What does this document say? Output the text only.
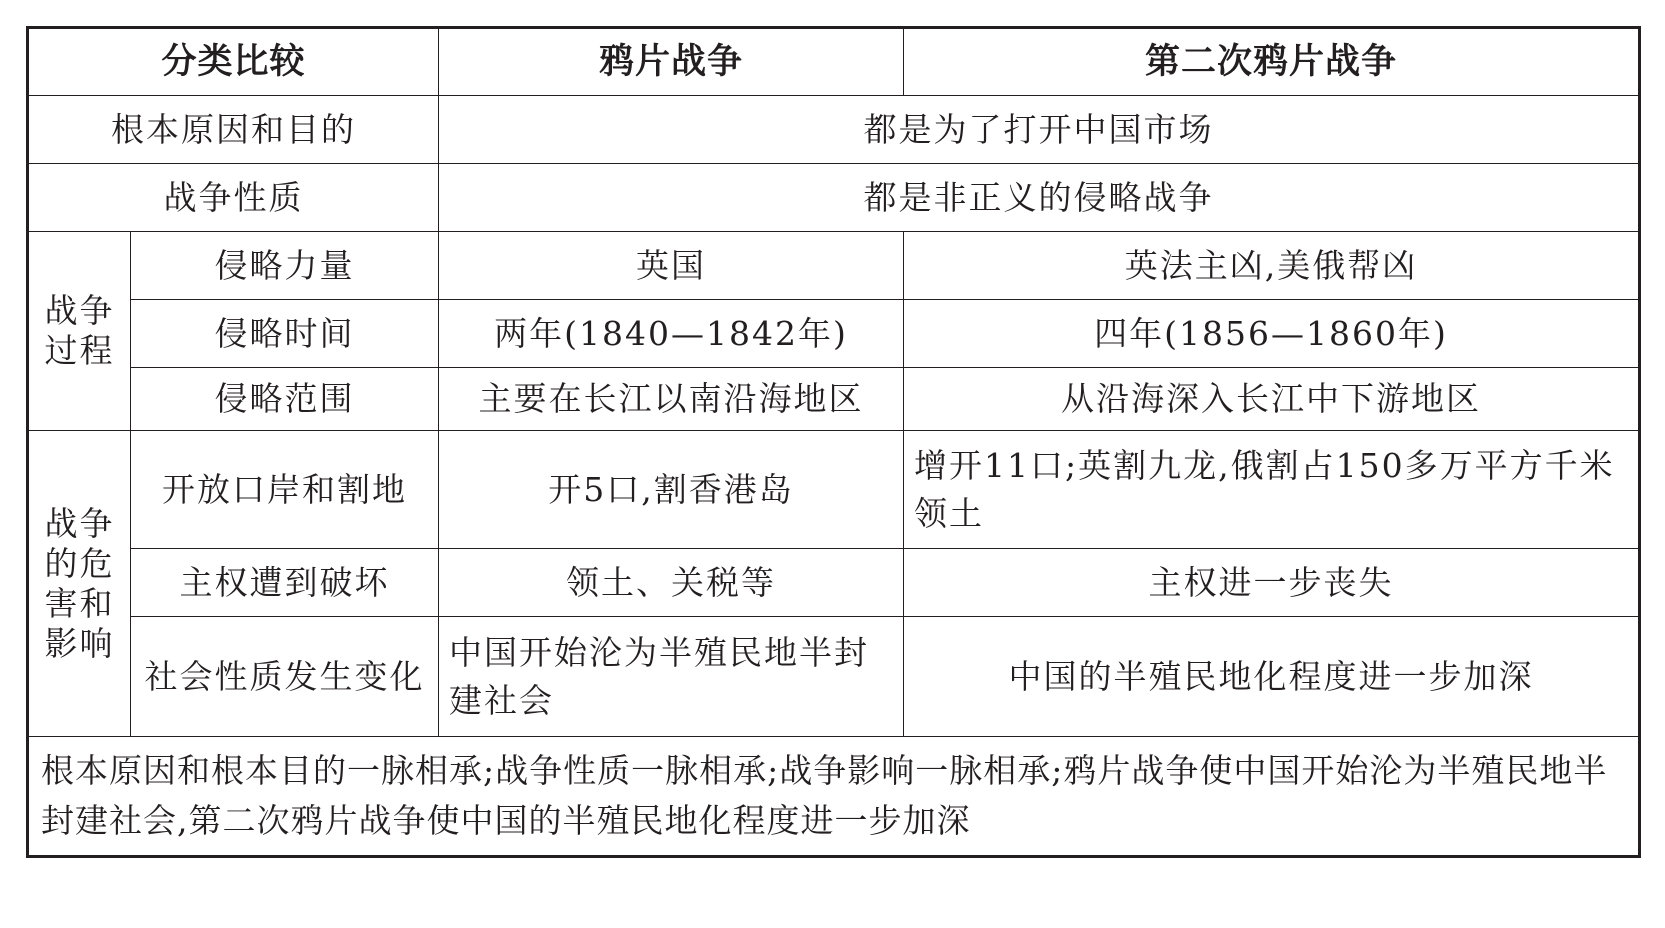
分类比较		鸦片战争	第二次鸦片战争
根本原因和目的		都是为了打开中国市场	
战争性质		都是非正义的侵略战争	
战争过程	侵略力量	英国	英法主凶,美俄帮凶
	侵略时间	两年(1840—1842年)	四年(1856—1860年)
	侵略范围	主要在长江以南沿海地区	从沿海深入长江中下游地区
战争的危害和影响	开放口岸和割地	开5口,割香港岛	增开11口;英割九龙,俄割占150多万平方千米领土
	主权遭到破坏	领土、关税等	主权进一步丧失
	社会性质发生变化	中国开始沦为半殖民地半封建社会	中国的半殖民地化程度进一步加深
根本原因和根本目的一脉相承;战争性质一脉相承;战争影响一脉相承;鸦片战争使中国开始沦为半殖民地半封建社会,第二次鸦片战争使中国的半殖民地化程度进一步加深			
